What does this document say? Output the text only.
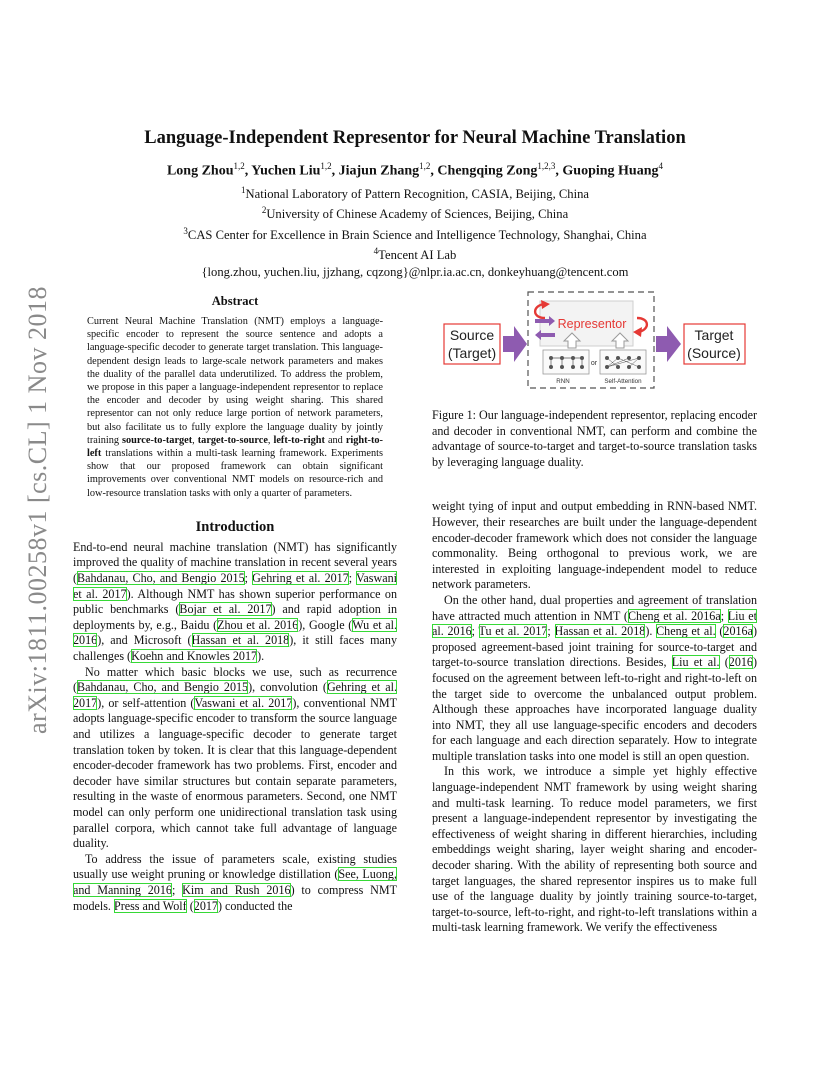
arXiv:1811.00258v1 [cs.CL] 1 Nov 2018
Language-Independent Representor for Neural Machine Translation
Long Zhou$^{1,2}$, Yuchen Liu$^{1,2}$, Jiajun Zhang$^{1,2}$, Chengqing Zong$^{1,2,3}$, Guoping Huang$^4$
$^1$National Laboratory of Pattern Recognition, CASIA, Beijing, China
$^2$University of Chinese Academy of Sciences, Beijing, China
$^3$CAS Center for Excellence in Brain Science and Intelligence Technology, Shanghai, China
$^4$Tencent AI Lab
{long.zhou, yuchen.liu, jjzhang, cqzong}@nlpr.ia.ac.cn, donkeyhuang@tencent.com
Abstract
Current Neural Machine Translation (NMT) employs a language-specific encoder to represent the source sentence and adopts a language-specific decoder to generate target translation. This language-dependent design leads to large-scale network parameters and makes the duality of the parallel data underutilized. To address the problem, we propose in this paper a language-independent representor to replace the encoder and decoder by using weight sharing. This shared representor can not only reduce large portion of network parameters, but also facilitate us to fully explore the language duality by jointly training source-to-target, target-to-source, left-to-right and right-to-left translations within a multi-task learning framework. Experiments show that our proposed framework can obtain significant improvements over conventional NMT models on resource-rich and low-resource translation tasks with only a quarter of parameters.
Introduction

End-to-end neural machine translation (NMT) has significantly improved the quality of machine translation in recent several years (Bahdanau, Cho, and Bengio 2015; Gehring et al. 2017; Vaswani et al. 2017). Although NMT has shown superior performance on public benchmarks (Bojar et al. 2017) and rapid adoption in deployments by, e.g., Baidu (Zhou et al. 2016), Google (Wu et al. 2016), and Microsoft (Hassan et al. 2018), it still faces many challenges (Koehn and Knowles 2017).

No matter which basic blocks we use, such as recurrence (Bahdanau, Cho, and Bengio 2015), convolution (Gehring et al. 2017), or self-attention (Vaswani et al. 2017), conventional NMT adopts language-specific encoder to transform the source language and utilizes a language-specific decoder to generate target translation token by token. It is clear that this language-dependent encoder-decoder framework has two problems. First, encoder and decoder have similar structures but contain separate parameters, resulting in the waste of enormous parameters. Second, one NMT model can only perform one unidirectional translation task using parallel corpora, which cannot take full advantage of language duality.

To address the issue of parameters scale, existing studies usually use weight pruning or knowledge distillation (See, Luong, and Manning 2016; Kim and Rush 2016) to compress NMT models. Press and Wolf (2017) conducted the

Representor
or
RNN	Self-Attention
Source
(Target)
Target
(Source)

Figure 1: Our language-independent representor, replacing encoder and decoder in conventional NMT, can perform and combine the advantage of source-to-target and target-to-source translation tasks by leveraging language duality.

weight tying of input and output embedding in RNN-based NMT. However, their researches are built under the language-dependent encoder-decoder framework which does not consider the language commonality. Being orthogonal to previous work, we are interested in exploiting language-independent model to reduce network parameters.

On the other hand, dual properties and agreement of translation have attracted much attention in NMT (Cheng et al. 2016a; Liu et al. 2016; Tu et al. 2017; Hassan et al. 2018). Cheng et al. (2016a) proposed agreement-based joint training for source-to-target and target-to-source translation directions. Besides, Liu et al. (2016) focused on the agreement between left-to-right and right-to-left on the target side to overcome the unbalanced output problem. Although these approaches have incorporated language duality into NMT, they all use language-specific encoders and decoders for each language and each direction separately. How to integrate multiple translation tasks into one model is still an open question.

In this work, we introduce a simple yet highly effective language-independent NMT framework by using weight sharing and multi-task learning. To reduce model parameters, we first present a language-independent representor by investigating the effectiveness of weight sharing in different hierarchies, including embeddings weight sharing, layer weight sharing and encoder-decoder sharing. With the ability of representing both source and target languages, the shared representor inspires us to make full use of the language duality by jointly training source-to-target, target-to-source, left-to-right, and right-to-left translations within a multi-task learning framework. We verify the effectiveness
